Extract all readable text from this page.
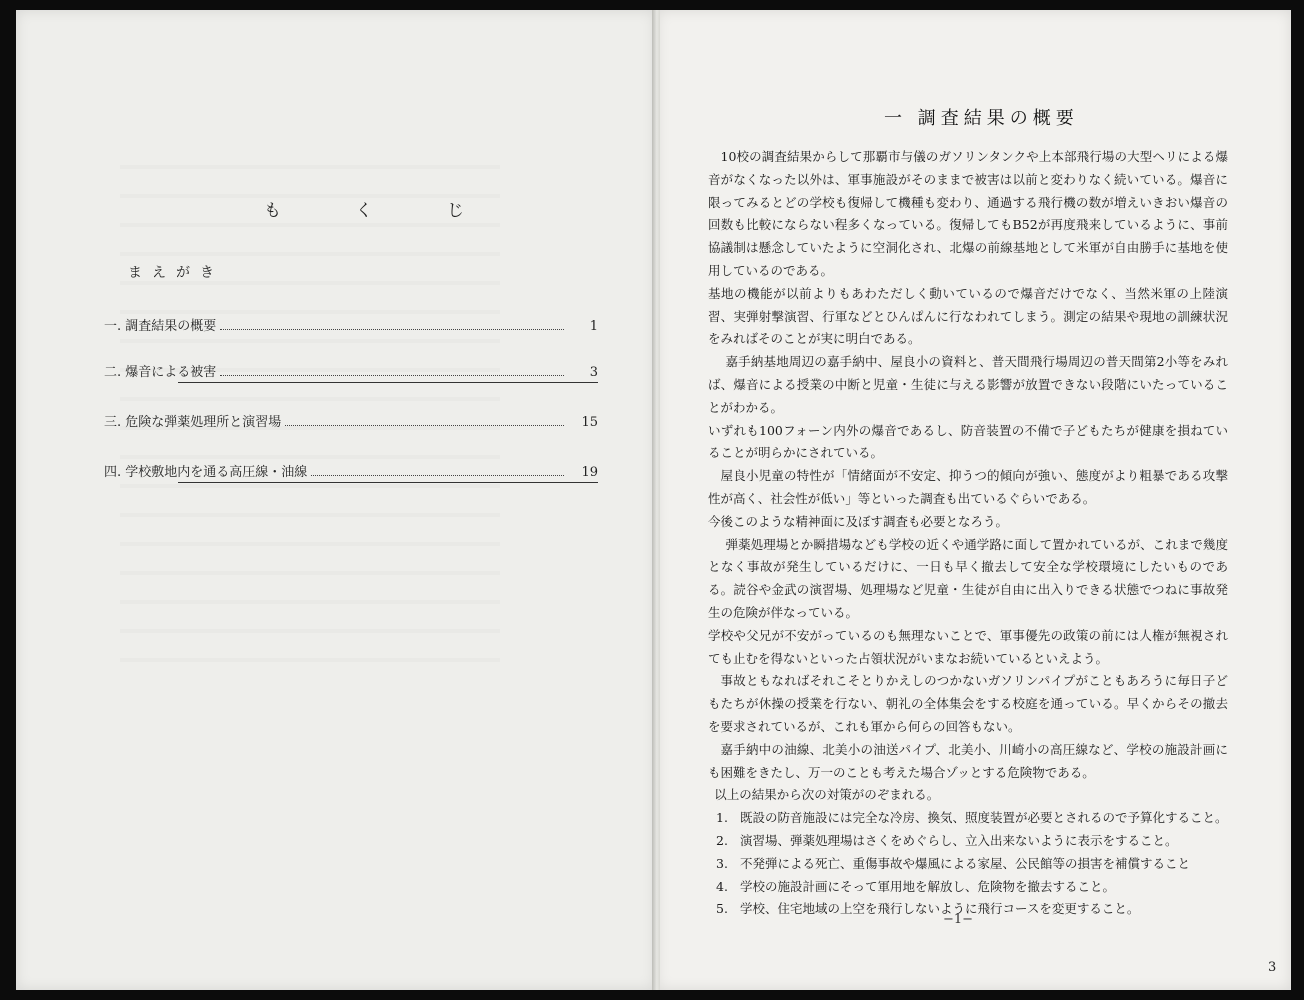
も	く	じ
まえがき
一. 調査結果の概要	1
二. 爆音による被害	3
三. 危険な弾薬処理所と演習場	15
四. 学校敷地内を通る高圧線・油線	19
一 調査結果の概要

10校の調査結果からして那覇市与儀のガソリンタンクや上本部飛行場の大型ヘリによる爆音がなくなった以外は、軍事施設がそのままで被害は以前と変わりなく続いている。爆音に限ってみるとどの学校も復帰して機種も変わり、通過する飛行機の数が増えいきおい爆音の回数も比較にならない程多くなっている。復帰してもB52が再度飛来しているように、事前協議制は懸念していたように空洞化され、北爆の前線基地として米軍が自由勝手に基地を使用しているのである。

基地の機能が以前よりもあわただしく動いているので爆音だけでなく、当然米軍の上陸演習、実弾射撃演習、行軍などとひんぱんに行なわれてしまう。測定の結果や現地の訓練状況をみればそのことが実に明白である。

嘉手納基地周辺の嘉手納中、屋良小の資料と、普天間飛行場周辺の普天間第2小等をみれば、爆音による授業の中断と児童・生徒に与える影響が放置できない段階にいたっていることがわかる。

いずれも100フォーン内外の爆音であるし、防音装置の不備で子どもたちが健康を損ねていることが明らかにされている。

屋良小児童の特性が「情緒面が不安定、抑うつ的傾向が強い、態度がより粗暴である攻撃性が高く、社会性が低い」等といった調査も出ているぐらいである。

今後このような精神面に及ぼす調査も必要となろう。

弾薬処理場とか瞬措場なども学校の近くや通学路に面して置かれているが、これまで幾度となく事故が発生しているだけに、一日も早く撤去して安全な学校環境にしたいものである。読谷や金武の演習場、処理場など児童・生徒が自由に出入りできる状態でつねに事故発生の危険が伴なっている。

学校や父兄が不安がっているのも無理ないことで、軍事優先の政策の前には人権が無視されても止むを得ないといった占領状況がいまなお続いているといえよう。

事故ともなればそれこそとりかえしのつかないガソリンパイプがこともあろうに毎日子どもたちが休操の授業を行ない、朝礼の全体集会をする校庭を通っている。早くからその撤去を要求されているが、これも軍から何らの回答もない。

嘉手納中の油線、北美小の油送パイプ、北美小、川崎小の高圧線など、学校の施設計画にも困難をきたし、万一のことも考えた場合ゾッとする危険物である。

以上の結果から次の対策がのぞまれる。

1. 既設の防音施設には完全な冷房、換気、照度装置が必要とされるので予算化すること。
2. 演習場、弾薬処理場はさくをめぐらし、立入出来ないように表示をすること。
3. 不発弾による死亡、重傷事故や爆風による家屋、公民館等の損害を補償すること
4. 学校の施設計画にそって軍用地を解放し、危険物を撤去すること。
5. 学校、住宅地域の上空を飛行しないように飛行コースを変更すること。
−1−
3
